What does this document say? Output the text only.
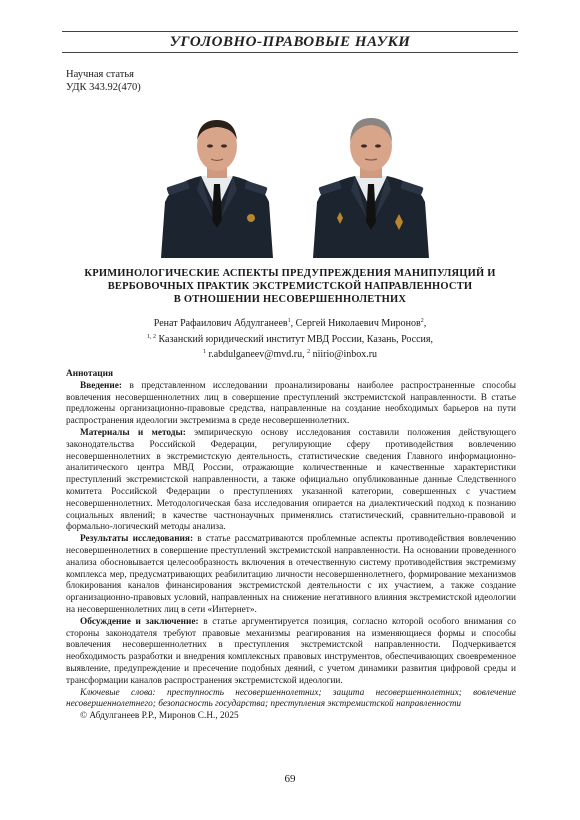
УГОЛОВНО-ПРАВОВЫЕ НАУКИ
Научная статья
УДК 343.92(470)
КРИМИНОЛОГИЧЕСКИЕ АСПЕКТЫ ПРЕДУПРЕЖДЕНИЯ МАНИПУЛЯЦИЙ И
ВЕРБОВОЧНЫХ ПРАКТИК ЭКСТРЕМИСТСКОЙ НАПРАВЛЕННОСТИ
В ОТНОШЕНИИ НЕСОВЕРШЕННОЛЕТНИХ
Ренат Рафаилович Абдулганеев$^1$, Сергей Николаевич Миронов$^2$,
$^{1, 2}$ Казанский юридический институт МВД России, Казань, Россия,
$^1$ r.abdulganeev@mvd.ru, $^2$ niirio@inbox.ru

Аннотация

Введение: в представленном исследовании проанализированы наиболее распространенные способы вовлечения несовершеннолетних лиц в совершение преступлений экстремистской направленности. В статье предложены организационно-правовые средства, направленные на создание необходимых барьеров на пути распространения идеологии экстремизма в среде несовершеннолетних.

Материалы и методы: эмпирическую основу исследования составили положения действующего законодательства Российской Федерации, регулирующие сферу противодействия вовлечению несовершеннолетних в экстремистскую деятельность, статистические сведения Главного информационно-аналитического центра МВД России, отражающие количественные и качественные характеристики преступлений экстремистской направленности, а также официально опубликованные данные Следственного комитета Российской Федерации о преступлениях указанной категории, совершенных с участием несовершеннолетних. Методологическая база исследования опирается на диалектический подход к познанию социальных явлений; в качестве частнонаучных применялись статистический, сравнительно-правовой и формально-логический методы анализа.

Результаты исследования: в статье рассматриваются проблемные аспекты противодействия вовлечению несовершеннолетних в совершение преступлений экстремистской направленности. На основании проведенного анализа обосновывается целесообразность включения в отечественную систему противодействия экстремизму комплекса мер, предусматривающих реабилитацию личности несовершеннолетнего, формирование механизмов блокирования каналов финансирования экстремистской деятельности с их участием, а также создание организационно-правовых условий, направленных на снижение негативного влияния экстремистской идеологии на несовершеннолетних лиц в сети «Интернет».

Обсуждение и заключение: в статье аргументируется позиция, согласно которой особого внимания со стороны законодателя требуют правовые механизмы реагирования на изменяющиеся формы и способы вовлечения несовершеннолетних в преступления экстремистской направленности. Подчеркивается необходимость разработки и внедрения комплексных правовых инструментов, обеспечивающих своевременное выявление, предупреждение и пресечение подобных деяний, с учетом динамики развития цифровой среды и трансформации каналов распространения экстремистской идеологии.

Ключевые слова: преступность несовершеннолетних; защита несовершеннолетних; вовлечение несовершеннолетнего; безопасность государства; преступления экстремистской направленности

© Абдулганеев Р.Р., Миронов С.Н., 2025

69
